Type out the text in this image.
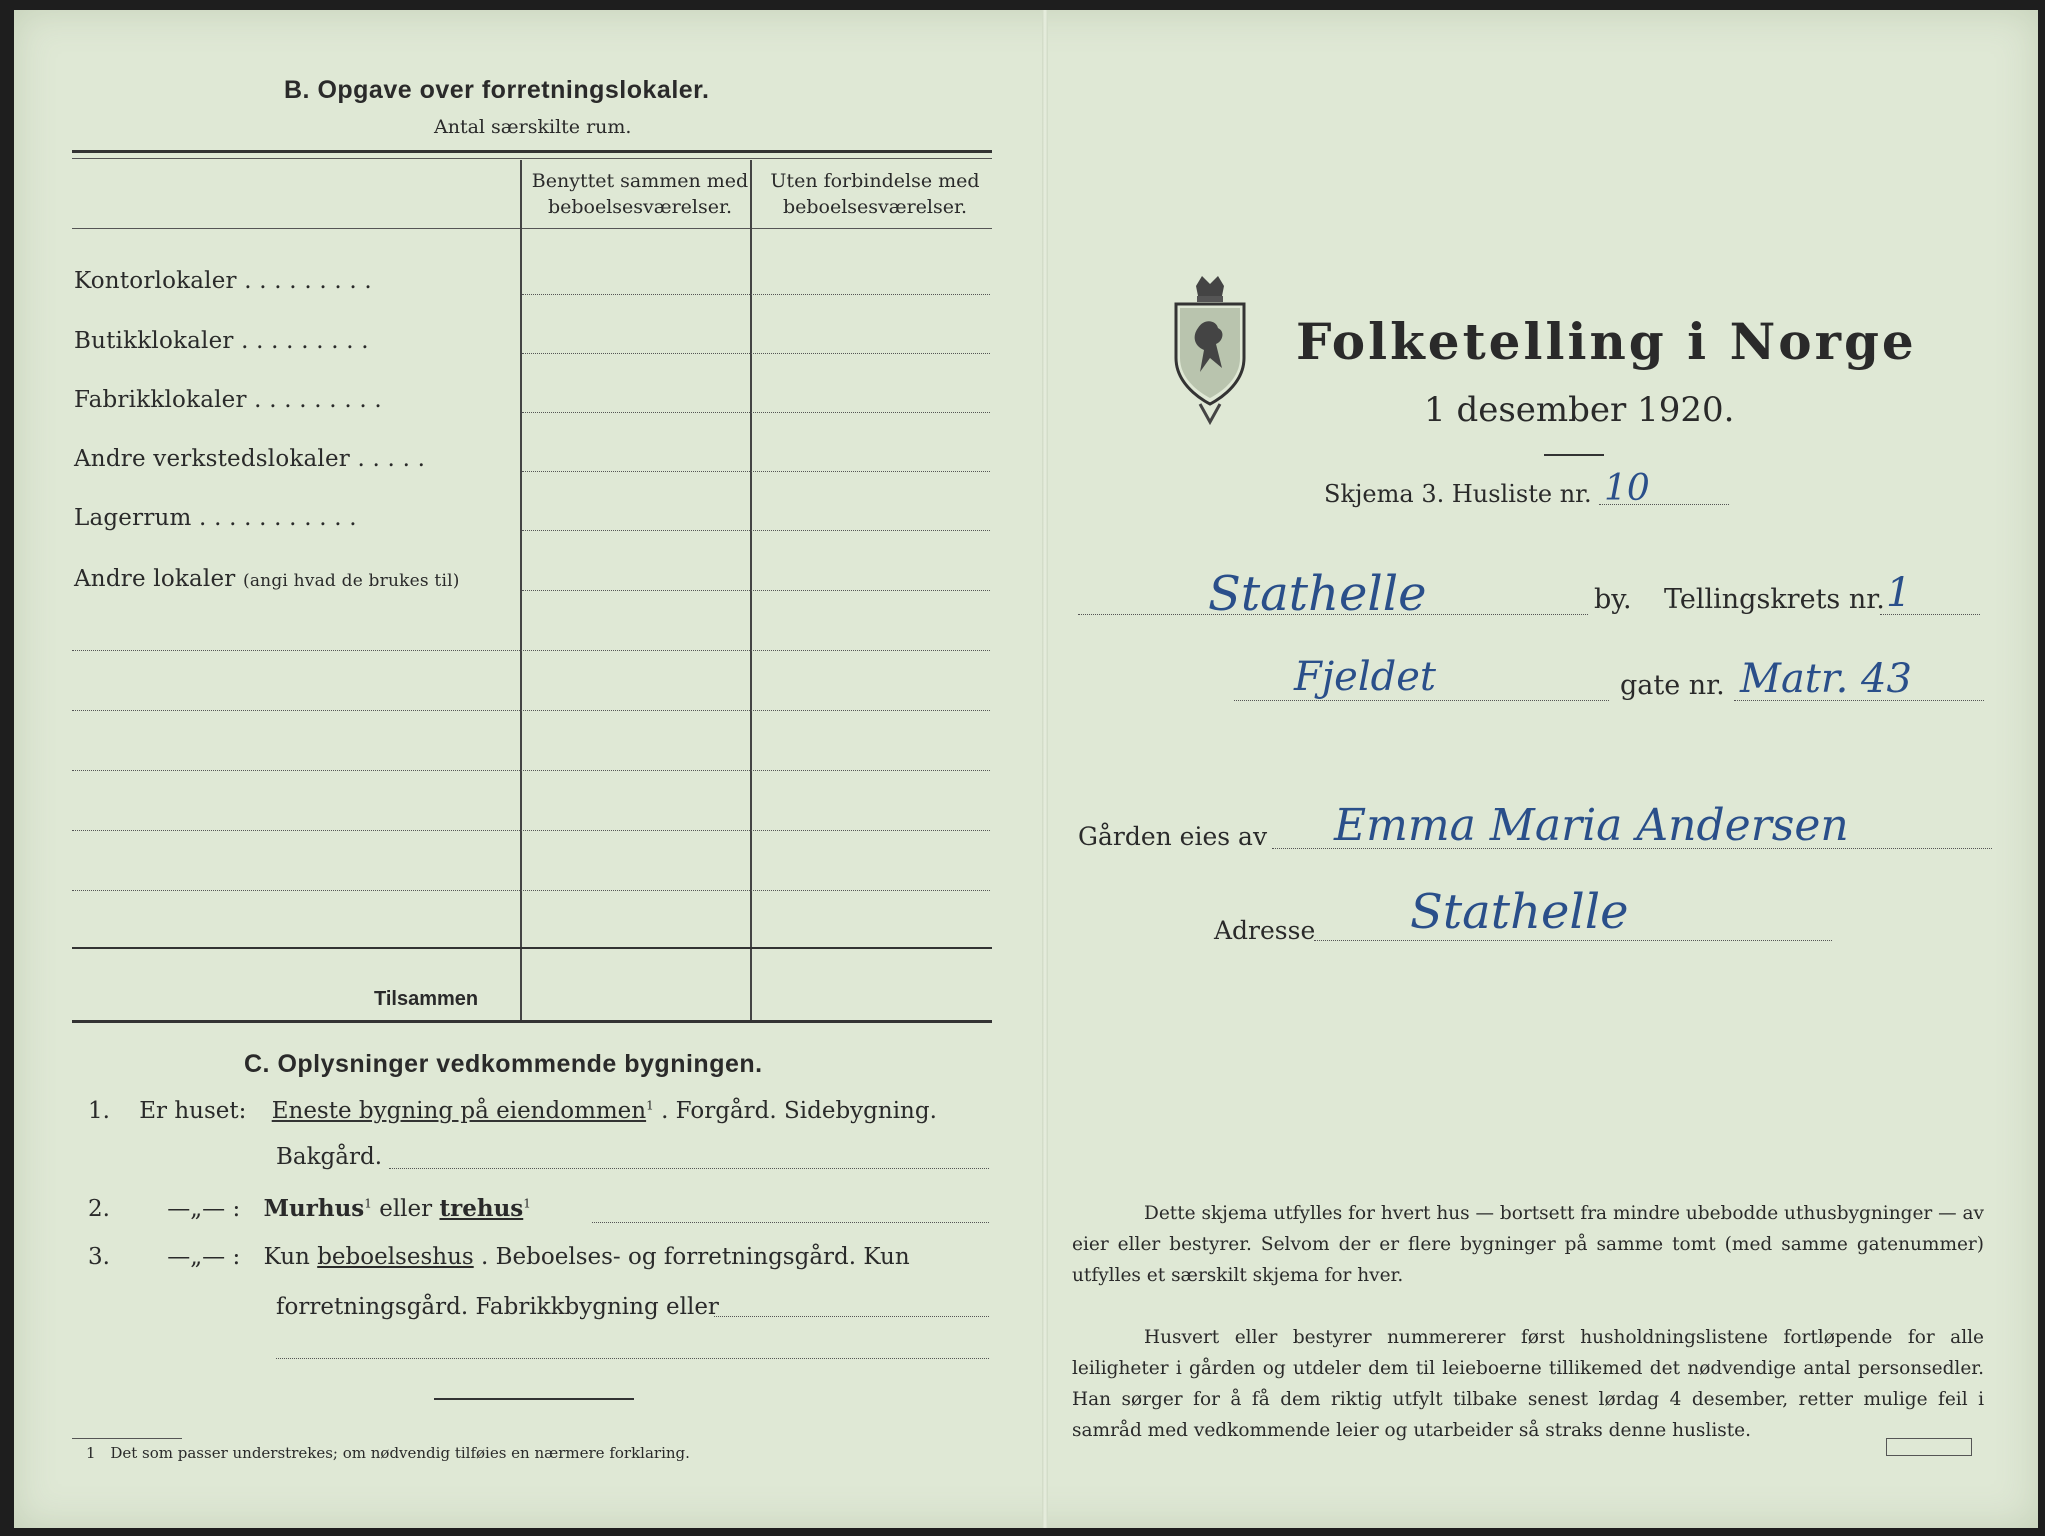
B. Opgave over forretningslokaler.
Antal særskilte rum.
Benyttet sammen med beboelsesværelser.
Uten forbindelse med beboelsesværelser.
Kontorlokaler . . . . . . . . .
Butikklokaler . . . . . . . . .
Fabrikklokaler . . . . . . . . .
Andre verkstedslokaler . . . . .
Lagerrum . . . . . . . . . . .
Andre lokaler (angi hvad de brukes til)
Tilsammen
C. Oplysninger vedkommende bygningen.
1. Er huset: Eneste bygning på eiendommen$^1$ . Forgård. Sidebygning.
Bakgård.
2. —„— : Murhus$^1$ eller trehus$^1$
3. —„— : Kun beboelseshus . Beboelses- og forretningsgård. Kun
forretningsgård. Fabrikkbygning eller
1 Det som passer understrekes; om nødvendig tilføies en nærmere forklaring.
Folketelling i Norge
1 desember 1920.
Skjema 3. Husliste nr. 10
Stathelle	by. Tellingskrets nr. 1
Fjeldet	gate nr. Matr. 43
Gården eies av Emma Maria Andersen
Adresse Stathelle
Dette skjema utfylles for hvert hus — bortsett fra mindre ubebodde uthusbygninger — av eier eller bestyrer. Selvom der er flere bygninger på samme tomt (med samme gatenummer) utfylles et særskilt skjema for hver.
Husvert eller bestyrer nummererer først husholdningslistene fortløpende for alle leiligheter i gården og utdeler dem til leieboerne tillikemed det nødvendige antal personsedler. Han sørger for å få dem riktig utfylt tilbake senest lørdag 4 desember, retter mulige feil i samråd med vedkommende leier og utarbeider så straks denne husliste.
